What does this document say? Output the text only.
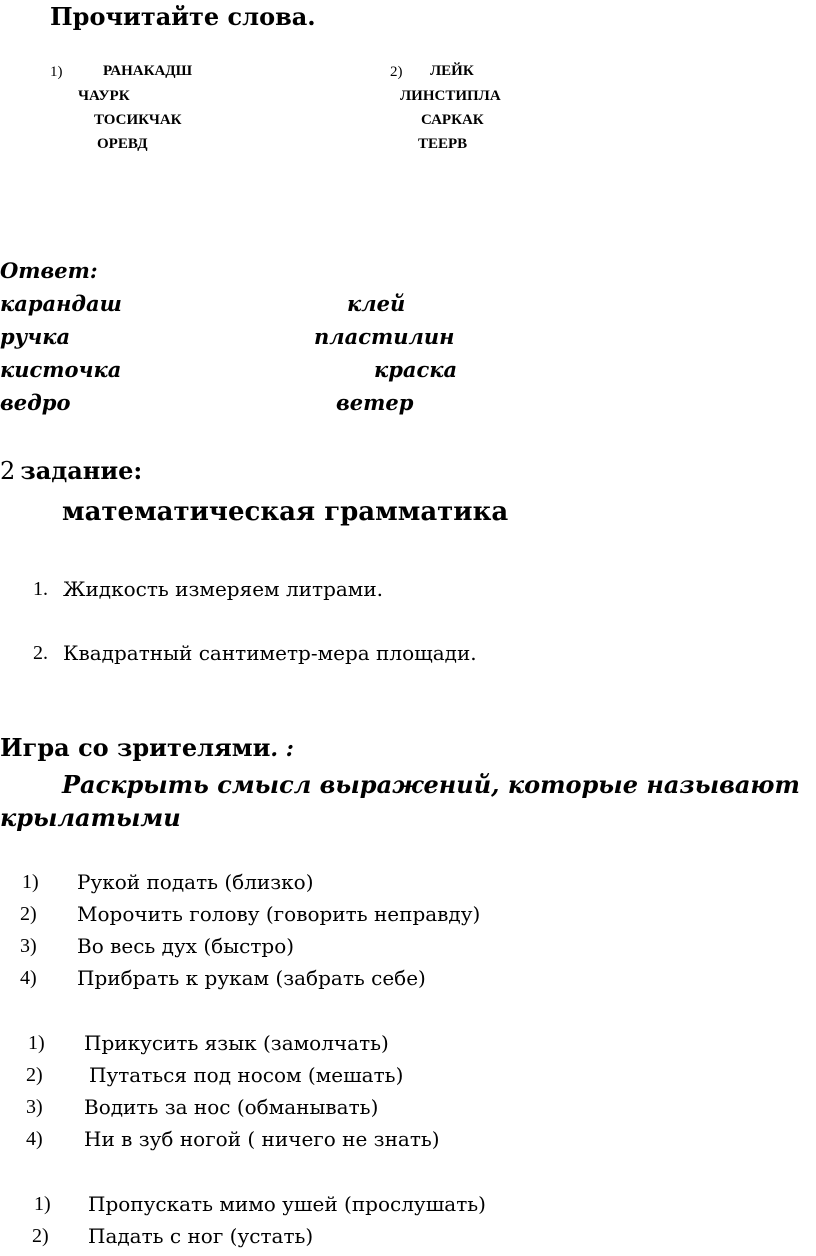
Прочитайте слова.
1)	РАНАКАДШ
ЧАУРК
ТОСИКЧАК
ОРЕВД
2) ЛЕЙК
ЛИНСТИПЛА
САРКАК
ТЕЕРВ
Ответ:
карандаш
ручка
кисточка
ведро
клей
пластилин
краска
ветер
2 задание:
математическая грамматика
1. Жидкость измеряем литрами.
2. Квадратный сантиметр-мера площади.
Игра со зрителями. :
Раскрыть смысл выражений, которые называют
крылатыми
1) Рукой подать (близко)
2) Морочить голову (говорить неправду)
3) Во весь дух (быстро)
4) Прибрать к рукам (забрать себе)
1) Прикусить язык (замолчать)
2) Путаться под носом (мешать)
3) Водить за нос (обманывать)
4) Ни в зуб ногой ( ничего не знать)
1) Пропускать мимо ушей (прослушать)
2) Падать с ног (устать)
